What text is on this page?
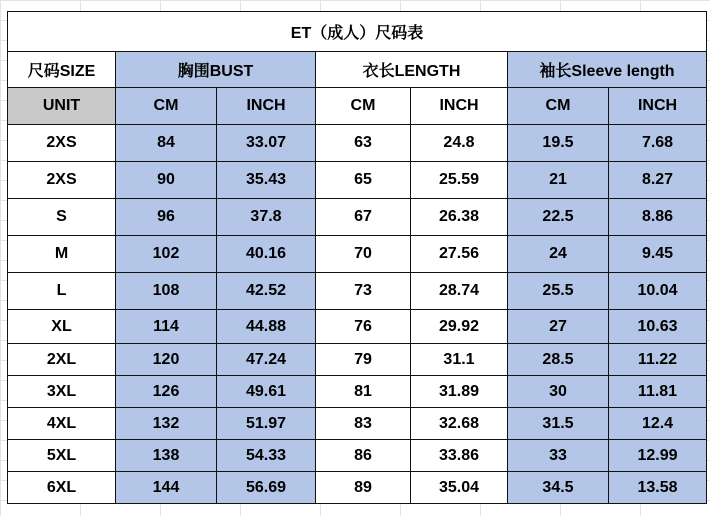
ET（成人）尺码表						
尺码SIZE	胸围BUST		衣长LENGTH		袖长Sleeve length	
UNIT	CM	INCH	CM	INCH	CM	INCH
2XS	84	33.07	63	24.8	19.5	7.68
2XS	90	35.43	65	25.59	21	8.27
S	96	37.8	67	26.38	22.5	8.86
M	102	40.16	70	27.56	24	9.45
L	108	42.52	73	28.74	25.5	10.04
XL	114	44.88	76	29.92	27	10.63
2XL	120	47.24	79	31.1	28.5	11.22
3XL	126	49.61	81	31.89	30	11.81
4XL	132	51.97	83	32.68	31.5	12.4
5XL	138	54.33	86	33.86	33	12.99
6XL	144	56.69	89	35.04	34.5	13.58
